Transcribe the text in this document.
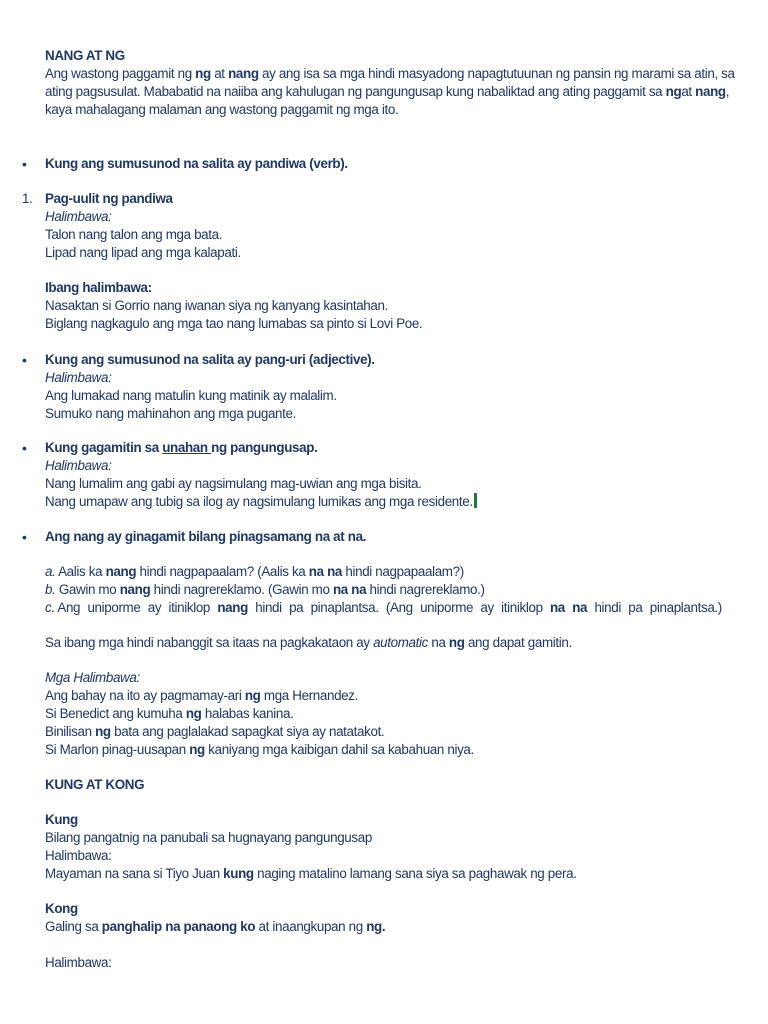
NANG AT NG
Ang wastong paggamit ng ng at nang ay ang isa sa mga hindi masyadong napagtutuunan ng pansin ng marami sa atin, sa
ating pagsusulat. Mababatid na naiiba ang kahulugan ng pangungusap kung nabaliktad ang ating paggamit sa ngat nang,
kaya mahalagang malaman ang wastong paggamit ng mga ito.
• Kung ang sumusunod na salita ay pandiwa (verb).
1. Pag-uulit ng pandiwa
Halimbawa:
Talon nang talon ang mga bata.
Lipad nang lipad ang mga kalapati.
Ibang halimbawa:
Nasaktan si Gorrio nang iwanan siya ng kanyang kasintahan.
Biglang nagkagulo ang mga tao nang lumabas sa pinto si Lovi Poe.
• Kung ang sumusunod na salita ay pang-uri (adjective).
Halimbawa:
Ang lumakad nang matulin kung matinik ay malalim.
Sumuko nang mahinahon ang mga pugante.
• Kung gagamitin sa unahan ng pangungusap.
Halimbawa:
Nang lumalim ang gabi ay nagsimulang mag-uwian ang mga bisita.
Nang umapaw ang tubig sa ilog ay nagsimulang lumikas ang mga residente.
• Ang nang ay ginagamit bilang pinagsamang na at na.
a. Aalis ka nang hindi nagpapaalam? (Aalis ka na na hindi nagpapaalam?)
b. Gawin mo nang hindi nagrereklamo. (Gawin mo na na hindi nagrereklamo.)
c. Ang uniporme ay itiniklop nang hindi pa pinaplantsa. (Ang uniporme ay itiniklop na na hindi pa pinaplantsa.)
Sa ibang mga hindi nabanggit sa itaas na pagkakataon ay automatic na ng ang dapat gamitin.
Mga Halimbawa:
Ang bahay na ito ay pagmamay-ari ng mga Hernandez.
Si Benedict ang kumuha ng halabas kanina.
Binilisan ng bata ang paglalakad sapagkat siya ay natatakot.
Si Marlon pinag-uusapan ng kaniyang mga kaibigan dahil sa kabahuan niya.
KUNG AT KONG
Kung
Bilang pangatnig na panubali sa hugnayang pangungusap
Halimbawa:
Mayaman na sana si Tiyo Juan kung naging matalino lamang sana siya sa paghawak ng pera.
Kong
Galing sa panghalip na panaong ko at inaangkupan ng ng.
Halimbawa:
